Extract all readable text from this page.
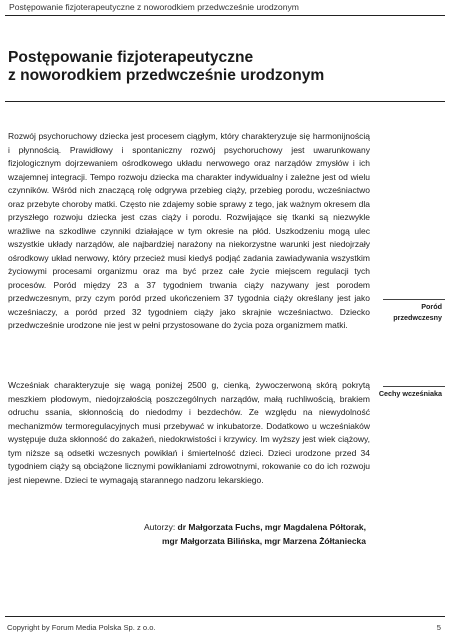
Postępowanie fizjoterapeutyczne z noworodkiem przedwcześnie urodzonym
Postępowanie fizjoterapeutyczne
z noworodkiem przedwcześnie urodzonym

Rozwój psychoruchowy dziecka jest procesem ciągłym, który charakteryzuje się harmonijnością i płynnością. Prawidłowy i spontaniczny rozwój psychoruchowy jest uwarunkowany fizjologicznym dojrzewaniem ośrodkowego układu nerwowego oraz narządów zmysłów i ich wzajemnej integracji. Tempo rozwoju dziecka ma charakter indywidualny i zależne jest od wielu czynników. Wśród nich znaczącą rolę odgrywa przebieg ciąży, przebieg porodu, wcześniactwo oraz przebyte choroby matki. Często nie zdajemy sobie sprawy z tego, jak ważnym okresem dla przyszłego rozwoju dziecka jest czas ciąży i porodu. Rozwijające się tkanki są niezwykle wrażliwe na szkodliwe czynniki działające w tym okresie na płód. Uszkodzeniu mogą ulec wszystkie układy narządów, ale najbardziej narażony na niekorzystne warunki jest niedojrzały ośrodkowy układ nerwowy, który przecież musi kiedyś podjąć zadania zawiadywania wszystkim życiowymi procesami organizmu oraz ma być przez całe życie miejscem regulacji tych procesów. Poród między 23 a 37 tygodniem trwania ciąży nazywany jest porodem przedwczesnym, przy czym poród przed ukończeniem 37 tygodnia ciąży określany jest jako wcześniaczy, a poród przed 32 tygodniem ciąży jako skrajnie wcześniactwo. Dziecko przedwcześnie urodzone nie jest w pełni przystosowane do życia poza organizmem matki.

Poród przedwczesny

Wcześniak charakteryzuje się wagą poniżej 2500 g, cienką, żywoczerwoną skórą pokrytą meszkiem płodowym, niedojrzałością poszczególnych narządów, małą ruchliwością, brakiem odruchu ssania, skłonnością do niedodmy i bezdechów. Ze względu na niewydolność mechanizmów termoregulacyjnych musi przebywać w inkubatorze. Dodatkowo u wcześniaków występuje duża skłonność do zakażeń, niedokrwistości i krzywicy. Im wyższy jest wiek ciążowy, tym niższe są odsetki wczesnych powikłań i śmiertelność dzieci. Dzieci urodzone przed 34 tygodniem ciąży są obciążone licznymi powikłaniami zdrowotnymi, rokowanie co do ich rozwoju jest niepewne. Dzieci te wymagają starannego nadzoru lekarskiego.

Cechy wcześniaka
Autorzy: dr Małgorzata Fuchs, mgr Magdalena Półtorak,
mgr Małgorzata Bilińska, mgr Marzena Żółtaniecka
Copyright by Forum Media Polska Sp. z o.o.	5
